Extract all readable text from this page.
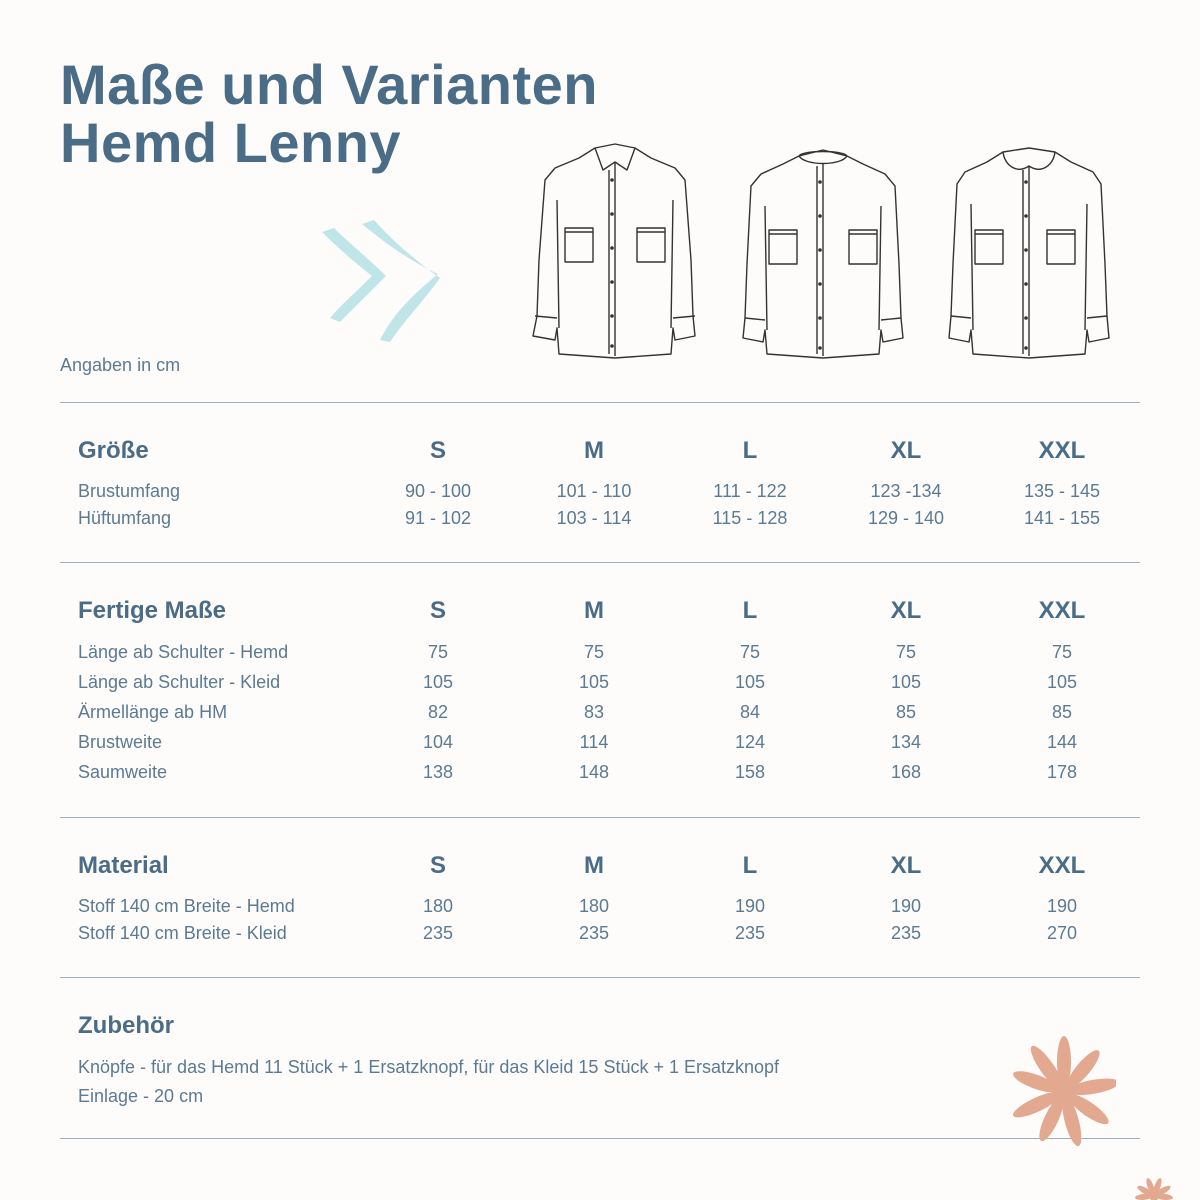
Maße und Varianten
Hemd Lenny
Angaben in cm
Größe	S	M	L	XL	XXL
Brustumfang	90 - 100	101 - 110	111 - 122	123 -134	135 - 145
Hüftumfang	91 - 102	103 - 114	115 - 128	129 - 140	141 - 155
Fertige Maße	S	M	L	XL	XXL
Länge ab Schulter - Hemd	75	75	75	75	75
Länge ab Schulter - Kleid	105	105	105	105	105
Ärmellänge ab HM	82	83	84	85	85
Brustweite	104	114	124	134	144
Saumweite	138	148	158	168	178
Material	S	M	L	XL	XXL
Stoff 140 cm Breite - Hemd	180	180	190	190	190
Stoff 140 cm Breite - Kleid	235	235	235	235	270
Zubehör
Knöpfe - für das Hemd 11 Stück + 1 Ersatzknopf, für das Kleid 15 Stück + 1 Ersatzknopf
Einlage - 20 cm
